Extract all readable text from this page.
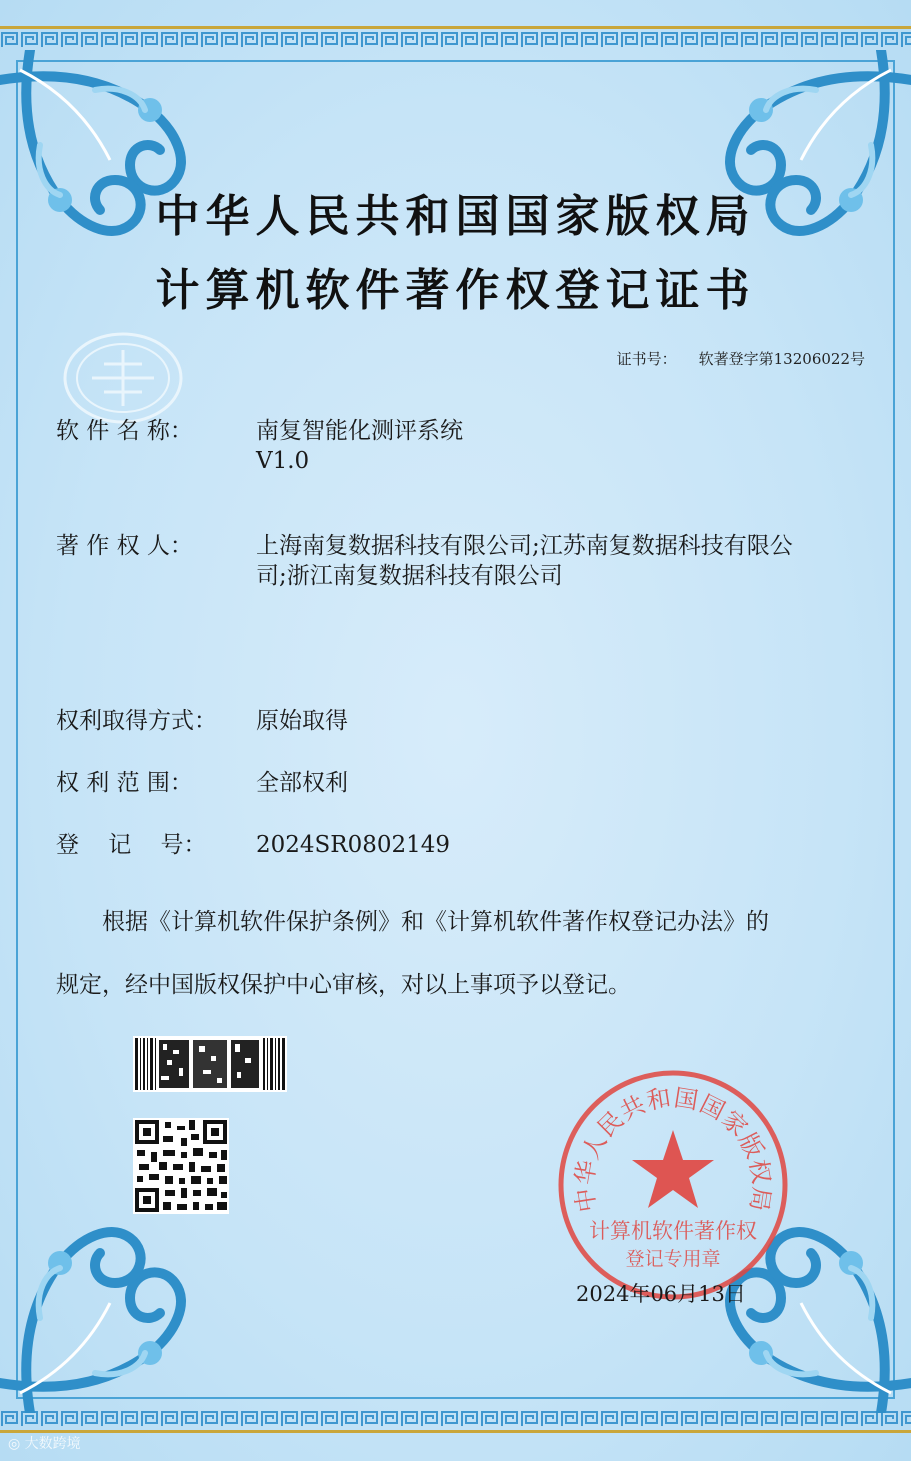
中华人民共和国国家版权局
计算机软件著作权登记证书
证书号： 软著登字第13206022号
软 件 名 称：	南复智能化测评系统
V1.0
著 作 权 人：	上海南复数据科技有限公司;江苏南复数据科技有限公
司;浙江南复数据科技有限公司
权利取得方式：	原始取得
权 利 范 围：	全部权利
登    记    号：	2024SR0802149
　　根据《计算机软件保护条例》和《计算机软件著作权登记办法》的
规定，经中国版权保护中心审核，对以上事项予以登记。
中华人民共和国国家版权局
计算机软件著作权
登记专用章
2024年06月13日
◎ 大数跨境
